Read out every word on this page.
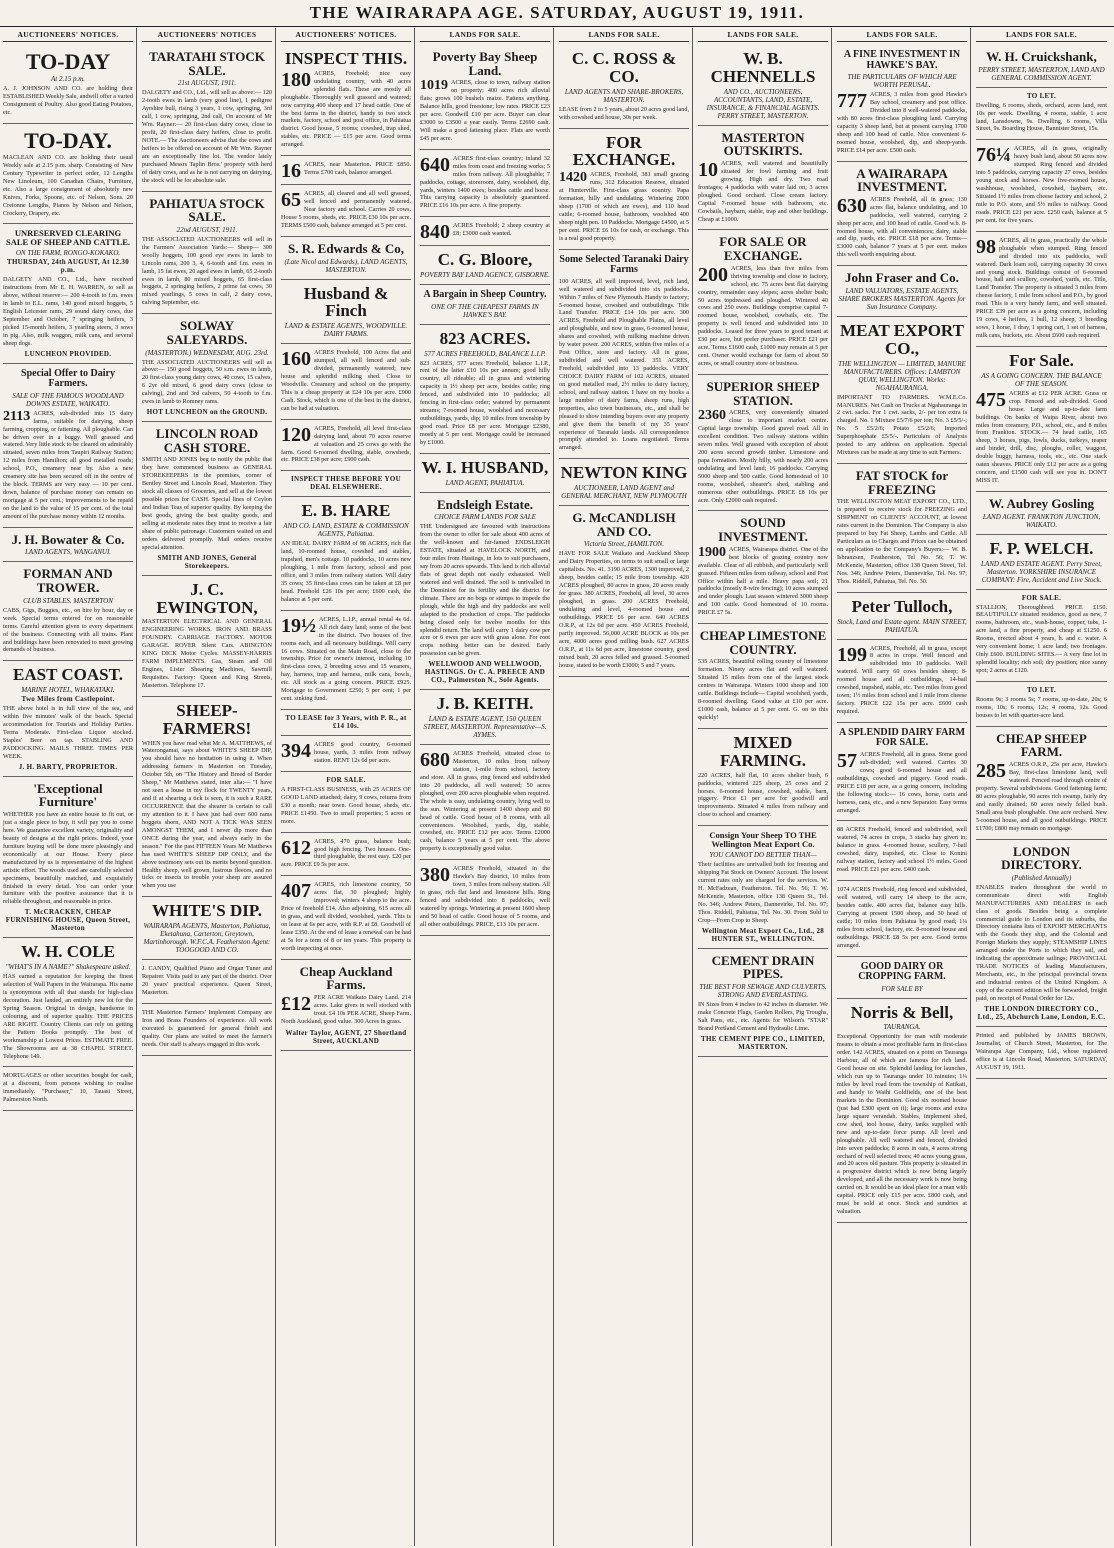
THE WAIRARAPA AGE. SATURDAY, AUGUST 19, 1911.
AUCTIONEERS' NOTICES.
TO-DAY
At 2.15 p.m.

A. J. JOHNSON AND CO. are holding their ESTABLISHED Weekly Sale, andwill offer a varied Consignment of Poultry. Also good Eating Potatoes, etc.

TO-DAY.

MACLEAN AND CO. are holding their usual Weekly sale at 2.15 p.m. sharp. Consisting of New Century Typewriter in perfect order, 12 Lengths New Linoleum, 100 Canadian Chairs, Furniture, etc. Also a large consignment of absolutely new Knives, Forks, Spoons, etc. of Nelson, Sons. 20 Cretonne Lengths, Pianos by Nelson and Nelson, Crockery, Drapery, etc.

UNRESERVED CLEARING SALE OF SHEEP AND CATTLE.
ON THE FARM, RONGO-KOKAKO.
THURSDAY, 24th AUGUST, At 12.30 p.m.

DALGETY AND CO., Ltd., have received instructions from Mr E. H. WARREN, to sell as above, without reserve:— 200 4-tooth to f.m. ewes in lamb to E.L. rams, 140 good mixed hoggets, 5 English Leicester rams, 29 sound dairy cows, due September and October, 7 springing heifers, 3 picked 15-month heifers, 3 yearling steers, 3 sows in pig. Also, milk waggon, milk cans, and several sheep dogs.

LUNCHEON PROVIDED.
Special Offer to Dairy Farmers.
SALE OF THE FAMOUS WOODLAND DOWNS ESTATE, WAIKATO.

2113 ACRES, sub-divided into 15 dairy farms, suitable for dairying, sheep farming, cropping, or fattening. All ploughable. Can be driven over in a buggy. Well grassed and watered. Very little stock to be cleared on admirably situated, seven miles from Taupiri Railway Station; 12 miles from Hamilton; all good metalled roads; school, P.O., creamery near by. Also a new creamery site has been secured off in the centre of the block. TERMS are very easy — 10 per cent. down, balance of purchase money can remain on mortgage at 5 per cent.; improvements to be repaid on the land to the value of 15 per cent. of the total amount of the purchase money within 12 months.

J. H. Bowater & Co.
LAND AGENTS, WANGANUI.
FORMAN AND TROWER.
CLUB STABLES. MASTERTON

CABS, Gigs, Buggies, etc., on hire by hour, day or week. Special terms entered for on reasonable terms. Careful attention given to every department of the business. Connecting with all trains. Plant and buildings have been renovated to meet growing demands of business.

EAST COAST.
MARINE HOTEL, WHAKATAKI.
Two Miles from Castlepoint.

THE above hotel is in full view of the sea, and within five minutes' walk of the beach. Special accommodation for Tourists and Holiday Parties. Terms Moderate. First-class Liquor stocked. Staples' Beer on tap. STABLING AND PADDOCKING. MAILS THREE TIMES PER WEEK.

J. H. BARTY, PROPRIETOR.
'Exceptional Furniture'

WHETHER you have an entire house to fit out, or just a single piece to buy, it will pay you to come here. We guarantee excellent variety, originality and beauty of designs at the right prices. Indeed, your furniture buying will be done more pleasingly and economically at our House. Every piece manufactured by us is representative of the highest artistic effort. The woods used are carefully selected specimens, beautifully matched, and exquisitely finished in every detail. You can order your furniture with the positive assurance that it is reliable throughout, and reasonable in price.

T. McCRACKEN, CHEAP FURNISHING HOUSE, Queen Street, Masterton
W. H. COLE
"WHAT'S IN A NAME?" Shakespeare asked.

HAS earned a reputation for keeping the finest selection of Wall Papers in the Wairarapa. His name is synonymous with all that stands for high-class decoration. Just landed, an entirely new lot for the Spring Season. Original in design, handsome in colouring, and of superior quality. THE PRICES ARE RIGHT. Country Clients can rely on getting the Pattern Books promptly. The best of workmanship at Lowest Prices. ESTIMATE FREE. The Showrooms are at 38 CHAPEL STREET. Telephone 149.

MORTGAGES or other securities bought for cash, at a discount, from persons wishing to realise immediately. "Purchaser," 10, Tauasi Street, Palmerston North.

AUCTIONEERS' NOTICES
TARATAHI STOCK SALE.
21st AUGUST, 1911.

DALGETY and CO., Ltd., will sell as above:— 120 2-tooth ewes in lamb (very good line), 1 pedigree Ayrshire bull, rising 3 years, 1 cow, springing, 3rd calf, 1 cow, springing, 2nd calf, On account of Mr Wm. Rayner:— 20 first-class dairy cows, close to profit, 20 first-class dairy heifers, close to profit. NOTE.— The Auctioneers advise that the cows and heifers to be offered on account of Mr Wm. Rayner are an exceptionally fine lot. The vendor lately purchased Messrs Taplin Bros.' property with herd of dairy cows, and as he is not carrying on dairying, the stock will be for absolute sale.

PAHIATUA STOCK SALE.
22nd AUGUST, 1911.

THE ASSOCIATED AUCTIONEERS will sell in the Farmers' Association Yards:— Sheep— 300 woolly hoggets, 100 good eye ewes in lamb to Lincoln rams, 200 3, 4, 6-tooth and f.m. ewes in lamb, 15 fat ewes, 20 aged ewes in lamb, 65 2-tooth ewes in lamb, 80 mixed hoggets, 65 first-class hoggets, 2 springing heifers, 2 prime fat cows, 30 mixed yearlings, 5 cows in calf, 2 dairy cows, calving September, etc.

SOLWAY SALEYARDS.
(MASTERTON.) WEDNESDAY, AUG. 23rd.

THE ASSOCIATED AUCTIONEERS will sell as above:— 150 good hoggets, 50 s.m. ewes in lamb, 20 first-class young dairy cows, 40 cows, 15 calves, 6 2yr old mixed, 6 good dairy cows (close to calving), 2nd and 3rd calvers, 50 4-tooth to f.m. ewes in lamb to Romney rams.

HOT LUNCHEON on the GROUND.
LINCOLN ROAD CASH STORE.

SMITH AND JONES beg to notify the public that they have commenced business as GENERAL STOREKEEPERS in the premises, corner of Bentley Street and Lincoln Road, Masterton. They stock all classes of Groceries, and sell at the lowest possible prices for CASH. Special lines of Ceylon and Indian Teas of superior quality. By keeping the best goods, giving the best quality goods, and selling at moderate rates they trust to receive a fair share of public patronage. Customers waited on and orders delivered promptly. Mail orders receive special attention.

SMITH AND JONES, General Storekeepers.
J. C. EWINGTON,

MASTERTON ELECTRICAL AND GENERAL ENGINEERING WORKS. IRON AND BRASS FOUNDRY. CARRIAGE FACTORY. MOTOR GARAGE. ROVER Silent Cars. ABINGTON KING DICK Motor Cycles. MASSEY-HARRIS FARM IMPLEMENTS. Gas, Steam and Oil Engines, Lister Shearing Machines, Sawmill Requisites. Factory: Queen and King Streets, Masterton. Telephone 17.

SHEEP-FARMERS!

WHEN you have read what Mr A. MATTHEWS, of Waterongamai, says about WHITE'S SHEEP DIP, you should have no hesitation in using it. When addressing farmers in Masterton on Tuesday, October 5th, on "The History and Breed of Border Sheep," Mr Matthews stated, inter alia:— "I have not seen a louse in my flock for TWENTY years, and if at shearing a tick is seen, it is such a RARE OCCURRENCE that the shearer is certain to call my attention to it. I have just had over 600 rams hoggets shorn, AND NOT A TICK WAS SEEN AMONGST THEM, and I never dip more than ONCE during the year, and always early in the season." For the past FIFTEEN Years Mr Matthews has used WHITE'S SHEEP DIP ONLY, and the above testimony sets out its merits beyond question. Healthy sheep, well grown, lustrous fleeces, and no ticks or insects to trouble your sheep are assured when you use

WHITE'S DIP.
WAIRARAPA AGENTS, Masterton, Pahiatua, Eketahuna, Carterton, Greytown, Martinborough. W.F.C.A. Featherston Agent: TOOGOOD AND CO.

J. CANDY, Qualified Piano and Organ Tuner and Repairer. Visits paid to any part of the district. Over 20 years' practical experience. Queen Street, Masterton.

THE Masterton Farmers' Implement Company are Iron and Brass Founders of experience. All work executed is guaranteed for general finish and quality. Our plans are suited to meet the farmer's needs. Our staff is always engaged in this work.

AUCTIONEERS' NOTICES.
INSPECT THIS.

180 ACRES, Freehold; nice easy undulating country, with 40 acres splendid flats. These are mostly all ploughable. Thoroughly well grassed and watered; now carrying 400 sheep and 17 head cattle. One of the best farms in the district, handy to two stock markets, factory, school and post office, in Pahiatua district. Good house, 5 rooms; cowshed, trap shed, stables, etc. PRICE — £15 per acre. Good terms arranged.

16 ACRES, near Masterton. PRICE £850. Terms £700 cash, balance arranged.

65 ACRES, all cleared and all well grassed, well fenced and permanently watered. Near factory and school. Carries 20 cows. House 5 rooms, sheds, etc. PRICE £30 10s per acre. TERMS £500 cash, balance arranged at 5 per cent.

S. R. Edwards & Co,
(Late Nicol and Edwards), LAND AGENTS, MASTERTON.
Husband & Finch
LAND & ESTATE AGENTS, WOODVILLE. DAIRY FARMS.

160 ACRES Freehold, 100 Acres flat and stumped, all well fenced and sub-divided, permanently watered; new house and splendid milking shed. Close to Woodville. Creamery and school on the property. This is a cheap property at £24 10s per acre. £900 Cash. Stock, which is one of the best in the district, can be had at valuation.

120 ACRES, Freehold, all level first-class dairying land, about 70 acres reserve at valuation and 25 cows go with the farm. Good 6-roomed dwelling, stable, cowsheds, etc. PRICE £38 per acre; £900 cash.

INSPECT THESE BEFORE YOU DEAL ELSEWHERE.
E. B. HARE
AND CO. LAND, ESTATE & COMMISSION AGENTS, Pahiatua.

AN IDEAL DAIRY FARM of 98 ACRES, rich flat land, 10-roomed house, cowshed and stables, trapshed, men's cottage. 10 paddocks, 10 acres new ploughing, 1 mile from factory, school and post office, and 3 miles from railway station. Will dairy 35 cows; 35 first-class cows can be taken at £8 per head. Freehold £26 10s per acre; £600 cash, the balance at 5 per cent.

19½ ACRES, L.I.P., annual rental 4s 6d. All rich dairy land; some of the best in the district. Two houses of five rooms each, and all necessary buildings. Will carry 16 cows. Situated on the Main Road, close to the township. Price for owner's interest, including 10 first-class cows, 2 breeding sows and 15 weaners, hay, harness, trap and harness, milk cans, bowls, etc. All stock as a going concern. PRICE £925. Mortgage to Government £250; 5 per cent; 1 per cent. sinking fund.

TO LEASE for 3 Years, with P. R., at £14 10s.

394 ACRES good country, 6-roomed house, yards, 3 miles from railway station. RENT 12s 6d per acre.

FOR SALE.

A FIRST-CLASS BUSINESS, with 25 ACRES OF GOOD LAND attached; dairy, 9 cows, returns from £30 a month; near town. Good house, sheds, etc. PRICE £1450. Two to small properties; 5 acres or more.

612 ACRES, 470 grass, balance bush; good high fencing. Two houses. One-third ploughable, the rest easy. £20 per acre. PRICE £9 5s per acre.

407 ACRES, rich limestone country, 50 acres flat, 30 ploughed; highly improved; winters 4 sheep to the acre. Price of freehold £14. Also adjoining, 615 acres all in grass, and well divided, woolshed, yards. This is on lease at 6s per acre, with R.P. at £8. Goodwill of lease £350. At the end of lease a renewal can be had at 5s for a term of 8 or ten years. This property is worth inspecting at once.

Cheap Auckland Farms.

£12 PER ACRE Waikato Dairy Land. 214 acres. Lake gives in well stocked with trout. £4 10s PER ACRE, Sheep Farm. North Auckland, good value. 300 Acres in grass.

Walter Taylor, AGENT, 27 Shortland Street, AUCKLAND
LANDS FOR SALE.
Poverty Bay Sheep Land.

1019 ACRES, close to town, railway station on property; 400 acres rich alluvial flats; grows 100 bushels maize. Fattens anything. Balance hills, good freestone; low rates. PRICE £23 per acre. Goodwill £10 per acre. Buyer can clear £3000 to £3500 a year easily. Terms £2690 cash. Will make a good fattening place. Flats are worth £45 per acre.

640 ACRES first-class country; inland 32 miles from coast and freezing works; 5 miles from railway. All ploughable; 7 paddocks, cottage, storeroom, dairy, woolshed, dip, yards, winters 1400 ewes; besides cattle and horse. This carrying capacity is absolutely guaranteed. PRICE £16 10s per acre. A fine property.

840 ACRES Freehold; 2 sheep country at £8; £3000 cash wanted.

C. G. Bloore,
POVERTY BAY LAND AGENCY, GISBORNE.
A Bargain in Sheep Country.
ONE OF THE CHEAPEST FARMS IN HAWKE'S BAY.
823 ACRES.
577 ACRES FREEHOLD, BALANCE L.I.P.

823 ACRES, 577 acres Freehold, balance L.I.P., rent of the latter £10 10s per annum; good hilly country, all rideable; all in grass and wintering capacity is 1½ sheep per acre, besides cattle; ring fenced, and subdivided into 10 paddocks; all fencing in first-class order; watered by permanent streams; 7-roomed house, woolshed and necessary outbuildings, yards, dip; 10 miles from township by good road. Price £8 per acre. Mortgage £2380, mostly at 5 per cent. Mortgage could be increased by £1000.

W. I. HUSBAND,
LAND AGENT, PAHIATUA.
Endsleigh Estate.
CHOICE FARM LANDS FOR SALE

THE Undersigned are favoured with instructions from the owner to offer for sale about 400 acres of the well-known and far-famed ENDSLEIGH ESTATE, situated at HAVELOCK NORTH, and four miles from Hastings, in lots to suit purchasers, say from 20 acres upwards. This land is rich alluvial flats of great depth not easily exhausted. Well watered and well drained. The soil is unrivalled in the Dominion for its fertility and the district for climate. There are no bogs or stumps to impede the plough, while the high and dry paddocks are well adapted to the production of crops. The paddocks being closed only for twelve months for this splendid return. The land will carry 1 dairy cow per acre or 6 ewes per acre with grass alone. For root crops nothing better can be desired. Early possession can be given.

WELLWOOD AND WELLWOOD, HASTINGS. Or C. A. PREECE AND CO., Palmerston N., Sole Agents.
J. B. KEITH.
LAND & ESTATE AGENT, 150 QUEEN STREET, MASTERTON. Representative—S. AYMES.

680 ACRES Freehold, situated close to Masterton, 10 miles from railway station, 1-mile from school, factory and store. All in grass, ring fenced and subdivided into 20 paddocks, all well watered; 50 acres ploughed, over 200 acres ploughable when required. The whole is easy, undulating country, lying well to the sun. Wintering at present 1400 sheep and 80 head of cattle. Good house of 8 rooms, with all conveniences. Woolshed, yards, dip, stable, cowshed, etc. PRICE £12 per acre. Terms £2000 cash, balance 5 years at 5 per cent. The above property is exceptionally good value.

380 ACRES Freehold, situated in the Hawke's Bay district, 10 miles from town, 3 miles from railway station. All in grass, rich flat land and limestone hills. Ring fenced and subdivided into 8 paddocks, well watered by springs. Wintering at present 1600 sheep and 50 head of cattle. Good house of 5 rooms, and all other outbuildings. PRICE, £13 10s per acre.

LANDS FOR SALE.
C. C. ROSS & CO.
LAND AGENTS AND SHARE-BROKERS, MASTERTON.

LEASE from 2 to 5 years, about 20 acres good land, with cowshed and house, 30s per week.

FOR EXCHANGE.

1420 ACRES, Freehold, 381 small grazing runs, 312 Education Reserve, situated at Hunterville. First-class grass country. Papa formation, hilly and undulating. Wintering 2000 sheep (1700 of which are ewes), and 110 head cattle; 6-roomed house, bathroom, woolshed 400 sheep night pen. 10 Paddocks. Mortgage £4500, at 5 per cent. PRICE £6 10s for cash, or exchange. This is a real good property.

Some Selected Taranaki Dairy Farms

100 ACRES, all well improved, level, rich land, well watered and subdivided into six paddocks. Within 7 miles of New Plymouth. Handy to factory; 5-roomed house, cowshed and outbuildings. Title Land Transfer. PRICE £14 10s per acre. 300 ACRES, Freehold and Ploughable Plains, all level and ploughable, and now in grass, 6-roomed house, shares and cowshed, with milking machine driven by water power. 200 ACRES, within five miles of a Post Office, store and factory. All in grass, subdivided and well watered. 351 ACRES, Freehold, subdivided into 13 paddocks. VERY CHOICE DAIRY FARM of 102 ACRES, situated on good metalled road, 2½ miles to dairy factory, school, and railway station. I have on my books a large number of dairy farms, sheep runs, high properties, also town businesses, etc., and shall be pleased to show intending buyers over any property and give them the benefit of my 35 years' experience of Taranaki lands. All correspondence promptly attended to. Loans negotiated. Terms arranged.

NEWTON KING
AUCTIONEER, LAND AGENT and GENERAL MERCHANT, NEW PLYMOUTH
G. McCANDLISH AND CO.
Victoria Street, HAMILTON.

HAVE FOR SALE Waikato and Auckland Sheep and Dairy Properties, on terms to suit small or large capitalists. No. 41. 3190 ACRES, 1300 improved, 2 sheep, besides cattle; 15 mile from township. 420 ACRES ploughed, 80 acres in grass, 20 acres ready for grass. 380 ACRES, Freehold, all level, 30 acres ploughed, in grass. 200 ACRES Freehold, undulating and level, 4-roomed house and outbuildings. PRICE £6 per acre. 640 ACRES O.R.P., at 12s 6d per acre. 450 ACRES Freehold, partly improved. 56,000 ACRE BLOCK at 10s per acre, 4000 acres good milling bush. 627 ACRES O.R.P., at 11s 6d per acre, limestone country, good mixed bush, 20 acres felled and grassed. 5-roomed house, stated to be worth £3000; 5 and 7 years.

LANDS FOR SALE.
W. B. CHENNELLS
AND CO., AUCTIONEERS, ACCOUNTANTS, LAND, ESTATE, INSURANCE, & FINANCIAL AGENTS. PERRY STREET, MASTERTON.
MASTERTON OUTSKIRTS.

10 ACRES, well watered and beautifully situated for fowl farming and fruit growing. High and dry. Two road frontages; 4 paddocks with water laid on; 3 acres ploughed. Good orchard. Close cream factory. Capital 7-roomed house with bathroom, etc. Cowbails, haybarn, stable, trap and other buildings. Cheap at £1000.

FOR SALE OR EXCHANGE.

200 ACRES, less than five miles from thriving township and close to factory, school, etc. 75 acres best flat dairying country, remainder easy slopes; acres shelter bush; 50 acres topdressed and ploughed. Wintered 40 cows and 250 ewes. Buildings comprise capital 7-roomed house, woolshed, cowbails, etc. The property is well fenced and subdivided into 10 paddocks. Leased for three years to good tenant at £30 per acre, but prefer purchaser. PRICE £21 per acre. Terms £1600 cash, £1000 may remain at 5 per cent. Owner would exchange for farm of about 50 acres, or small country store or business.

SUPERIOR SHEEP STATION.

2360 ACRES, very conveniently situated close to important market centre. Capital large township. Good gravel road. All in excellent condition. Two railway stations within seven miles. Well grassed with exception of about 200 acres second growth timber. Limestone and papa formation. Mostly hilly, with nearly 200 acres undulating and level land; 16 paddocks. Carrying 5000 sheep and 500 cattle. Good homestead of 10 rooms, woolshed, shearer's shed, stabling and numerous other outbuildings. PRICE £8 10s per acre. Only £2000 cash required.

SOUND INVESTMENT.

1900 ACRES, Wairarapa district. One of the best blocks of grazing country now available. Clear of all rubbish, and particularly well grassed. Fifteen miles from railway, school and Post Office within half a mile. Heavy papa soil; 21 paddocks (mostly 8-wire fencing); 10 acres stumped and under plough. Last season wintered 3000 sheep and 100 cattle. Good homestead of 10 rooms. PRICE £7 5s.

CHEAP LIMESTONE COUNTRY.

535 ACRES, beautiful rolling country of limestone formation. Ninety acres flat and well watered. Situated 15 miles from one of the largest stock centres in Wairarapa. Winters 1000 sheep and 100 cattle. Buildings include— Capital woolshed, yards, 8-roomed dwelling. Good value at £10 per acre. £1000 cash, balance at 5 per cent. G. on to this quickly!

MIXED FARMING.

220 ACRES, half flat, 10 acres shelter bush, 6 paddocks, wintered 225 sheep, 25 cows and 2 horses. 6-roomed house, cowshed, stable, barn, piggery. Price £1 per acre for goodwill and improvements. Situated 4 miles from railway and close to school and creamery.

Consign Your Sheep TO THE Wellington Meat Export Co.
YOU CANNOT DO BETTER THAN—

Their facilities are unrivalled both for freezing and shipping Fat Stock on Owners' Account. The lowest current rates only are charged for the services. W. H. McFadzean, Featherston. Tel. No. 56; T. W. McKenzie, Masterton, office 138 Queen St., Tel. No. 346; Andrew Peters, Dannevirke, Tel. No. 97; Thos. Riddell, Pahiatua, Tel. No. 30. From Sold to Crop—From Crop to Sheep.

Wellington Meat Export Co., Ltd., 28 HUNTER ST., WELLINGTON.
CEMENT DRAIN PIPES.
THE BEST FOR SEWAGE AND CULVERTS. STRONG AND EVERLASTING.

IN Sizes from 4 inches to 42 inches in diameter. We make Concrete Flags, Garden Rollers, Pig Troughs, Salt Pans, etc., etc. Agents for Wilson's "STAR" Brand Portland Cement and Hydraulic Lime.

THE CEMENT PIPE CO., LIMITED, MASTERTON.
LANDS FOR SALE.
A FINE INVESTMENT IN HAWKE'S BAY.
THE PARTICULARS OF WHICH ARE WORTH PERUSAL.

777 ACRES, 3 miles from good Hawke's Bay school, creamery and post office. Divided into 8 well-watered paddocks, with 80 acres first-class ploughing land. Carrying capacity 3 sheep land, but at present carrying 1700 sheep and 100 head of cattle. Nice convenient 6-roomed house, woolshed, dip, and sheep-yards. PRICE £14 per acre. £500 cash.

A WAIRARAPA INVESTMENT.

630 ACRES Freehold, all in grass; 130 acres flat, balance undulating, and 10 paddocks, well watered, carrying 2 sheep per acre, and 100 head of cattle. Good w.b. 8-roomed house, with all conveniences; dairy, stable and dip, yards, etc. PRICE £18 per acre. Terms—£3000 cash, balance 7 years at 5 per cent. makes this well worth enquiring about.

John Fraser and Co.
LAND VALUATORS, ESTATE AGENTS, SHARE BROKERS MASTERTON. Agents for Sun Insurance Company.
MEAT EXPORT CO.,
THE WELLINGTON — LIMITED, MANURE MANUFACTURERS. Offices: LAMBTON QUAY, WELLINGTON. Works: NGAHAURANGA.

IMPORTANT TO FARMERS. W.M.E.Co. MANURES. Net Cash on Trucks at Ngahauranga in 2 cwt. sacks. For 1 cwt. sacks, 2/- per ton extra is charged. No. 1 Mixture £5/7/6 per ton; No. 3 £5/5/-; No. 5 £5/2/6; Potato £5/2/6; Imported Superphosphate £5/5/-. Particulars of Analysis posted to any address on application. Special Mixtures can be made at any time to suit Farmers.

FAT STOCK for FREEZING

THE WELLINGTON MEAT EXPORT CO., LTD., is prepared to receive stock for FREEZING and SHIPMENT on CLIENTS' ACCOUNT, at lowest rates current in the Dominion. The Company is also prepared to buy Fat Sheep, Lambs and Cattle. All Particulars as to Charges and Prices can be obtained on application to the Company's Buyers:— W. B. Isbranzsen, Featherston, Tel No. 56; T. W. McKenzie, Masterton, office 138 Queen Street, Tel. Nos. 346; Andrew Peters, Dannevirke, Tel. No. 97; Thos. Riddell, Pahiatua, Tel. No. 30.

Peter Tulloch,
Stock, Land and Estate agent. MAIN STREET, PAHIATUA.

199 ACRES, Freehold, all in grass, except 8 acres in crops. Well fenced and subdivided into 10 paddocks. Well watered. Will carry 60 cows besides sheep; 8-roomed house and all outbuildings, 14-bail cowshed, trapshed, stable, etc. Two miles from good town; 1½ miles from school and 1 mile from cheese factory. PRICE £22 15s per acre. £600 cash required.

A SPLENDID DAIRY FARM FOR SALE.

57 ACRES Freehold, all in grass. Some good sub-divided; well watered. Carries 30 cows; good 6-roomed house and all outbuildings, cowshed and piggery. Good roads. PRICE £18 per acre, as a going concern, including the following stock:— 16 cows, horse, carts and harness, cans, etc., and a new Separator. Easy terms arranged.

88 ACRES Freehold, fenced and subdivided, well watered, 74 acres in crops, 3 stacks hay given in; balance in grass. 4-roomed house, scullery, 7-bail cowshed, dairy, trapshed, etc. Close to Konini railway station, factory and school 1½ miles. Good road. PRICE £21 per acre. £400 cash.

1074 ACRES Freehold, ring fenced and subdivided, well watered, will carry 14 sheep to the acre, besides cattle. 400 acres flat, balance easy hills. Carrying at present 1500 sheep, and 30 head of cattle; 10 miles from Pahiatua by good road; 1¼ miles from school, factory, etc. 8-roomed house and outbuildings. PRICE £8 5s per acre. Good terms arranged.

GOOD DAIRY OR CROPPING FARM.
FOR SALE BY
Norris & Bell,
TAURANGA.

Exceptional Opportunity for man with moderate means to obtain a most profitable farm in first-class order. 142 ACRES, situated on a point on Tauranga Harbour, all of which are famous for rich land. Good house on site. Splendid landing for launches, which run up to Tauranga under 10 minutes; 1¼ miles by level road from the township of Katikati, and handy to Waihi Goldfields, one of the best markets in the Dominion. Good six roomed house (just had £300 spent on it); large rooms and extra large square verandah. Stables, implement shed, cow shed, tool house, dairy, tanks supplied with new and up-to-date force pump. All level and ploughable. All well watered and fenced, divided into seven paddocks; 8 acres in oats, 4 acres strong orchard of well selected trees; 40 acres young grass, and 20 acres old pasture. This property is situated in a progressive district which is now being largely developed, and all the necessary work is now being carried on. It would be an ideal place for a man with capital. PRICE only £15 per acre. £800 cash, and must be sold at once. Stock and sundries at valuation.

LANDS FOR SALE.
W. H. Cruickshank,
PERRY STREET, MASTERTON, LAND AND GENERAL COMMISSION AGENT.
TO LET.

Dwelling, 6 rooms, sheds, orchard, acres land, rent 10s per week. Dwelling, 4 rooms, stable, 1 acre land, Lansdowne, 9s. Dwelling, 6 rooms, Villa Street, 9s. Boarding House, Bannister Street, 15s.

76¼ ACRES, all in grass, originally heavy bush land, about 50 acres now stumped. Ring fenced and divided into 5 paddocks, carrying capacity 27 cows, besides young stock and horses. New five-roomed house, washhouse, woolshed, cowshed, haybarn, etc. Situated 1½ miles from cheese factory and school, 2 mile to P.O. store, and 5½ miles to railway. Good roads. PRICE £21 per acre. £250 cash, balance at 5 per cent. for five years.

98 ACRES, all in grass, practically the whole ploughable when stumped. Ring fenced and divided into six paddocks, well watered. Dark loam soil, carrying capacity 30 cows and young stock. Buildings consist of 6-roomed house, hall and scullery, cowshed, yards, etc. Title, Land Transfer. The property is situated 3 miles from cheese factory, 1 mile from school and P.O., by good road. This is a very handy farm, and well situated. PRICE £39 per acre as a going concern, including 19 cows, 4 heifers, 1 bull, 12 sheep, 3 breeding sows, 1 horse, 1 dray, 1 spring cart, 1 set of harness, milk cans, buckets, etc. About £600 cash required.

For Sale.
AS A GOING CONCERN. THE BALANCE OF THE SEASON.

475 ACRES at £12 PER ACRE. Grass or crop. Fenced and sub-divided. Good house. Large and up-to-date farm buildings. On banks of Waipa River, about two miles from creamery, P.O., school, etc., and 8 miles from Frankton. STOCK.— 74 head cattle, 165 sheep, 3 horses, pigs, fowls, ducks, turkeys, reaper and binder, drill, disc, ploughs, roller, waggon, double buggy, harness, tools, etc., etc. One stack oaten sheaves. PRICE only £12 per acre as a going concern, and £1500 cash will see you in. DON'T MISS IT.

W. Aubrey Gosling
LAND AGENT. FRANKTON JUNCTION, WAIKATO.
F. P. WELCH.
LAND AND ESTATE AGENT. Perry Street, Masterton. YORKSHIRE INSURANCE COMPANY: Fire, Accident and Live Stock.
FOR SALE.

STALLION, Thoroughbred. PRICE £150. BEAUTIFULLY situated residence, good as new, 7 rooms, bathroom, etc., wash-house, copper, tubs, 1-acre land, a fine property, and cheap at £1250. 6 Rooms, erected about 4 years, h. and c. water. A very convenient home; 1 acre land; two frontages. Only £600. BUILDING SITES.— A very fine lot in splendid locality; rich soil; dry position; nice sunny spot; 2 acres at £120.

TO LET.

Rooms 9s; 3 rooms 5s; 7 rooms, up-to-date, 20s; 6 rooms, 10s; 6 rooms, 12s; 4 rooms, 12s. Good houses to let with quarter-acre land.

CHEAP SHEEP FARM.

285 ACRES O.R.P., 25s per acre, Hawke's Bay, first-class limestone land, well watered. Fenced road through centre of property. Several subdivisions. Good fattening farm; 80 acres ploughable, 90 acres rich swamp, fairly dry and easily drained; 60 acres newly felled bush. Small area bush ploughable. One acre orchard. New 5-roomed house, and all good outbuildings. PRICE £1700; £800 may remain on mortgage.

LONDON DIRECTORY.
(Published Annually)

ENABLES traders throughout the world to communicate direct with English MANUFACTURERS AND DEALERS in each class of goods. Besides being a complete commercial guide to London and its suburbs, the Directory contains lists of EXPORT MERCHANTS with the Goods they ship, and the Colonial and Foreign Markets they supply; STEAMSHIP LINES arranged under the Ports to which they sail, and indicating the approximate sailings; PROVINCIAL TRADE NOTICES of leading Manufacturers, Merchants, etc., in the principal provincial towns and industrial centres of the United Kingdom. A copy of the current edition will be forwarded, freight paid, on receipt of Postal Order for 12s.

THE LONDON DIRECTORY CO., Ltd., 25, Abchurch Lane, London, E.C.

Printed and published by JAMES BROWN, Journalist, of Church Street, Masterton, for The Wairarapa Age Company, Ltd., whose registered office is at Lincoln Road, Masterton. SATURDAY, AUGUST 19, 1911.
